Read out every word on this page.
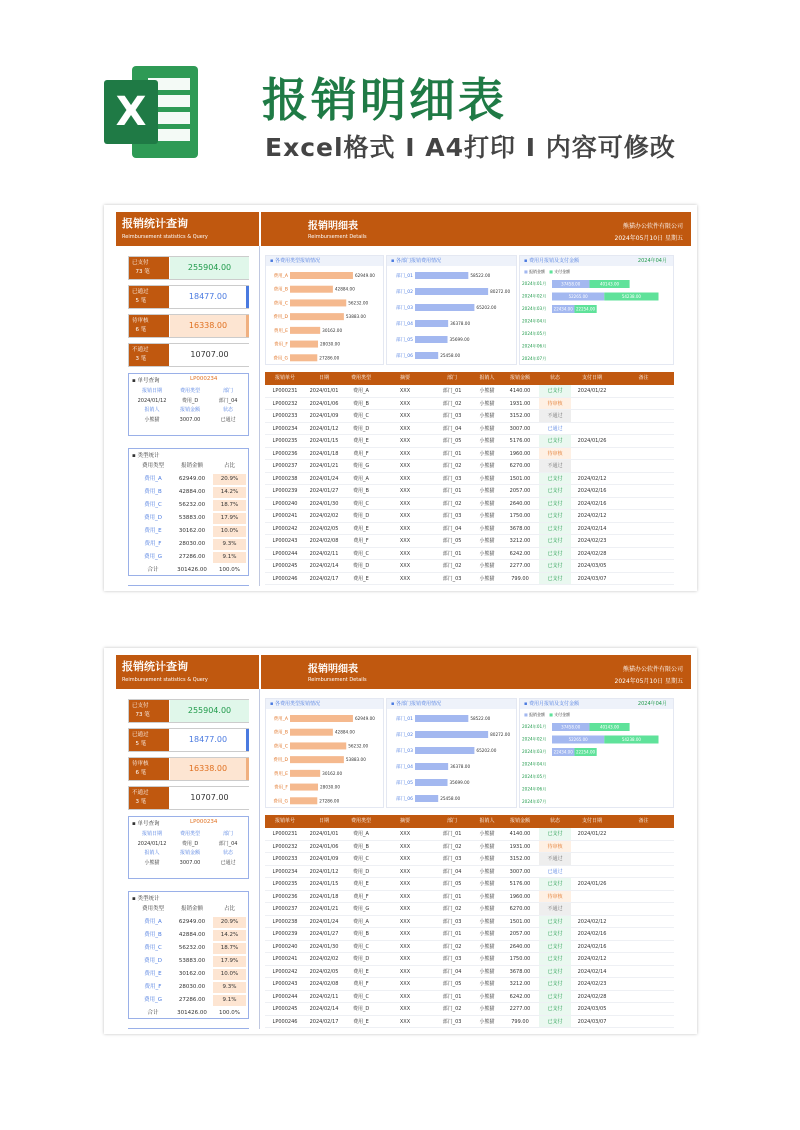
X	报销明细表
Excel格式 Ⅰ A4打印 Ⅰ 内容可修改
报销统计查询
Reimbursement statistics & Query
报销明细表
Reimbursement Details
熊猫办公软件有限公司
2024年05月10日 星期五
已支付
73 笔	255904.00
已通过
5 笔	18477.00
待审核
6 笔	16338.00
不通过
3 笔	10707.00
▪ 单号查询	LP000234
报销日期	费用类型	部门
2024/01/12	费用_D	部门_04
报销人	报销金额	状态
小熊猫	3007.00	已通过
▪ 类型统计
费用类型	报销金额	占比
费用_A	62949.00	20.9%
费用_B	42884.00	14.2%
费用_C	56232.00	18.7%
费用_D	53883.00	17.9%
费用_E	30162.00	10.0%
费用_F	28030.00	9.3%
费用_G	27286.00	9.1%
合计	301426.00	100.0%
▪ 各费用类型报销情况
费用_A	62949.00
费用_B	42884.00
费用_C	56232.00
费用_D	53883.00
费用_E	30162.00
费用_F	28030.00
费用_G	27286.00
▪ 各部门报销费用情况
部门_01	58522.00
部门_02	80272.00
部门_03	65202.00
部门_04	36378.00
部门_05	35699.00
部门_06	25458.00
▪ 费用月报销及支付金额	2024年04月
■ 报销金额 ■ 支付金额
2024年01月	37458.00	40143.00
2024年02月	52265.00	54238.00
2024年03月 22434.00 22254.00
2024年04月
2024年05月
2024年06月
2024年07月
报销单号	日期	费用类型	摘要	部门	报销人	报销金额	状态	支付日期	备注
LP000231	2024/01/01	费用_A	XXX	部门_01	小熊猫	4140.00	已支付	2024/01/22
LP000232	2024/01/06	费用_B	XXX	部门_02	小熊猫	1931.00	待审核
LP000233	2024/01/09	费用_C	XXX	部门_03	小熊猫	3152.00	不通过
LP000234	2024/01/12	费用_D	XXX	部门_04	小熊猫	3007.00	已通过
LP000235	2024/01/15	费用_E	XXX	部门_05	小熊猫	5176.00	已支付	2024/01/26
LP000236	2024/01/18	费用_F	XXX	部门_01	小熊猫	1960.00	待审核
LP000237	2024/01/21	费用_G	XXX	部门_02	小熊猫	6270.00	不通过
LP000238	2024/01/24	费用_A	XXX	部门_03	小熊猫	1501.00	已支付	2024/02/12
LP000239	2024/01/27	费用_B	XXX	部门_01	小熊猫	2057.00	已支付	2024/02/16
LP000240	2024/01/30	费用_C	XXX	部门_02	小熊猫	2640.00	已支付	2024/02/16
LP000241	2024/02/02	费用_D	XXX	部门_03	小熊猫	1750.00	已支付	2024/02/12
LP000242	2024/02/05	费用_E	XXX	部门_04	小熊猫	3678.00	已支付	2024/02/14
LP000243	2024/02/08	费用_F	XXX	部门_05	小熊猫	3212.00	已支付	2024/02/23
LP000244	2024/02/11	费用_C	XXX	部门_01	小熊猫	6242.00	已支付	2024/02/28
LP000245	2024/02/14	费用_D	XXX	部门_02	小熊猫	2277.00	已支付	2024/03/05
LP000246	2024/02/17	费用_E	XXX	部门_03	小熊猫	799.00	已支付	2024/03/07
报销统计查询
Reimbursement statistics & Query
报销明细表
Reimbursement Details
熊猫办公软件有限公司
2024年05月10日 星期五
已支付
73 笔	255904.00
已通过
5 笔	18477.00
待审核
6 笔	16338.00
不通过
3 笔	10707.00
▪ 单号查询	LP000234
报销日期	费用类型	部门
2024/01/12	费用_D	部门_04
报销人	报销金额	状态
小熊猫	3007.00	已通过
▪ 类型统计
费用类型	报销金额	占比
费用_A	62949.00	20.9%
费用_B	42884.00	14.2%
费用_C	56232.00	18.7%
费用_D	53883.00	17.9%
费用_E	30162.00	10.0%
费用_F	28030.00	9.3%
费用_G	27286.00	9.1%
合计	301426.00	100.0%
▪ 各费用类型报销情况
费用_A	62949.00
费用_B	42884.00
费用_C	56232.00
费用_D	53883.00
费用_E	30162.00
费用_F	28030.00
费用_G	27286.00
▪ 各部门报销费用情况
部门_01	58522.00
部门_02	80272.00
部门_03	65202.00
部门_04	36378.00
部门_05	35699.00
部门_06	25458.00
▪ 费用月报销及支付金额	2024年04月
■ 报销金额 ■ 支付金额
2024年01月	37458.00	40143.00
2024年02月	52265.00	54238.00
2024年03月 22434.00 22254.00
2024年04月
2024年05月
2024年06月
2024年07月
报销单号	日期	费用类型	摘要	部门	报销人	报销金额	状态	支付日期	备注
LP000231	2024/01/01	费用_A	XXX	部门_01	小熊猫	4140.00	已支付	2024/01/22
LP000232	2024/01/06	费用_B	XXX	部门_02	小熊猫	1931.00	待审核
LP000233	2024/01/09	费用_C	XXX	部门_03	小熊猫	3152.00	不通过
LP000234	2024/01/12	费用_D	XXX	部门_04	小熊猫	3007.00	已通过
LP000235	2024/01/15	费用_E	XXX	部门_05	小熊猫	5176.00	已支付	2024/01/26
LP000236	2024/01/18	费用_F	XXX	部门_01	小熊猫	1960.00	待审核
LP000237	2024/01/21	费用_G	XXX	部门_02	小熊猫	6270.00	不通过
LP000238	2024/01/24	费用_A	XXX	部门_03	小熊猫	1501.00	已支付	2024/02/12
LP000239	2024/01/27	费用_B	XXX	部门_01	小熊猫	2057.00	已支付	2024/02/16
LP000240	2024/01/30	费用_C	XXX	部门_02	小熊猫	2640.00	已支付	2024/02/16
LP000241	2024/02/02	费用_D	XXX	部门_03	小熊猫	1750.00	已支付	2024/02/12
LP000242	2024/02/05	费用_E	XXX	部门_04	小熊猫	3678.00	已支付	2024/02/14
LP000243	2024/02/08	费用_F	XXX	部门_05	小熊猫	3212.00	已支付	2024/02/23
LP000244	2024/02/11	费用_C	XXX	部门_01	小熊猫	6242.00	已支付	2024/02/28
LP000245	2024/02/14	费用_D	XXX	部门_02	小熊猫	2277.00	已支付	2024/03/05
LP000246	2024/02/17	费用_E	XXX	部门_03	小熊猫	799.00	已支付	2024/03/07
